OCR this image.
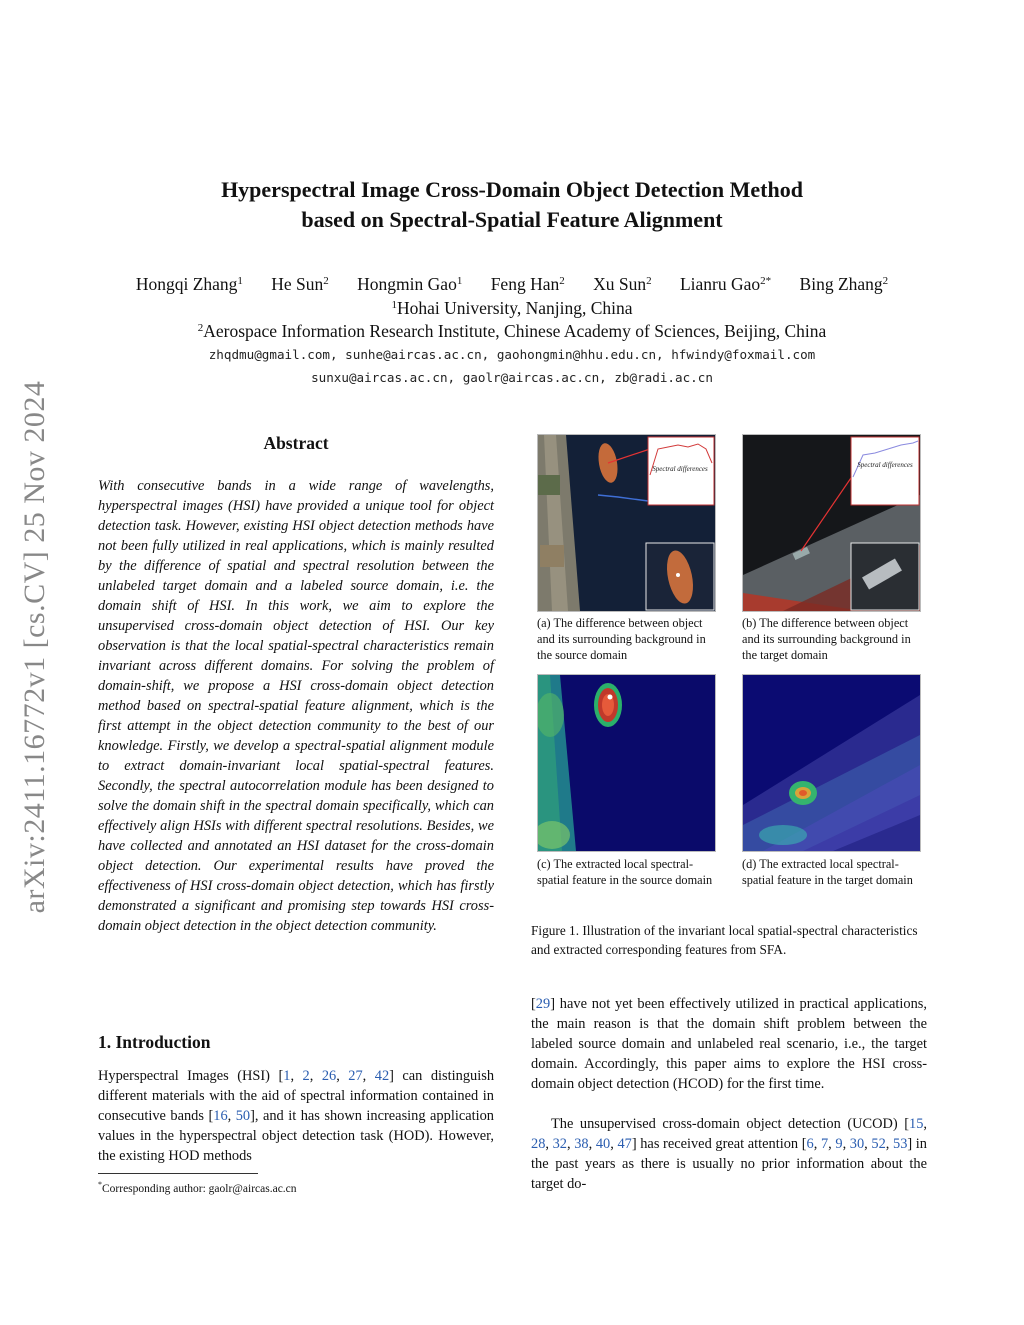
arXiv:2411.16772v1 [cs.CV] 25 Nov 2024
Hyperspectral Image Cross-Domain Object Detection Method
based on Spectral-Spatial Feature Alignment
Hongqi Zhang$^1$ He Sun$^2$ Hongmin Gao$^1$ Feng Han$^2$ Xu Sun$^2$ Lianru Gao$^{2*}$ Bing Zhang$^2$
$^1$Hohai University, Nanjing, China
$^2$Aerospace Information Research Institute, Chinese Academy of Sciences, Beijing, China
zhqdmu@gmail.com, sunhe@aircas.ac.cn, gaohongmin@hhu.edu.cn, hfwindy@foxmail.com
sunxu@aircas.ac.cn, gaolr@aircas.ac.cn, zb@radi.ac.cn
Abstract
With consecutive bands in a wide range of wavelengths, hyperspectral images (HSI) have provided a unique tool for object detection task. However, existing HSI object detection methods have not been fully utilized in real applications, which is mainly resulted by the difference of spatial and spectral resolution between the unlabeled target domain and a labeled source domain, i.e. the domain shift of HSI. In this work, we aim to explore the unsupervised cross-domain object detection of HSI. Our key observation is that the local spatial-spectral characteristics remain invariant across different domains. For solving the problem of domain-shift, we propose a HSI cross-domain object detection method based on spectral-spatial feature alignment, which is the first attempt in the object detection community to the best of our knowledge. Firstly, we develop a spectral-spatial alignment module to extract domain-invariant local spatial-spectral features. Secondly, the spectral autocorrelation module has been designed to solve the domain shift in the spectral domain specifically, which can effectively align HSIs with different spectral resolutions. Besides, we have collected and annotated an HSI dataset for the cross-domain object detection. Our experimental results have proved the effectiveness of HSI cross-domain object detection, which has firstly demonstrated a significant and promising step towards HSI cross-domain object detection in the object detection community.
1. Introduction
Hyperspectral Images (HSI) [1, 2, 26, 27, 42] can distinguish different materials with the aid of spectral information contained in consecutive bands [16, 50], and it has shown increasing application values in the hyperspectral object detection task (HOD). However, the existing HOD methods
*Corresponding author: gaolr@aircas.ac.cn
[29] have not yet been effectively utilized in practical applications, the main reason is that the domain shift problem between the labeled source domain and unlabeled real scenario, i.e., the target domain. Accordingly, this paper aims to explore the HSI cross-domain object detection (HCOD) for the first time.
The unsupervised cross-domain object detection (UCOD) [15, 28, 32, 38, 40, 47] has received great attention [6, 7, 9, 30, 52, 53] in the past years as there is usually no prior information about the target do-
Spectral differences
(a) The difference between object and its surrounding background in the source domain
Spectral differences
(b) The difference between object and its surrounding background in the target domain
(c) The extracted local spectral-spatial feature in the source domain
(d) The extracted local spectral-spatial feature in the target domain
Figure 1. Illustration of the invariant local spatial-spectral characteristics and extracted corresponding features from SFA.
